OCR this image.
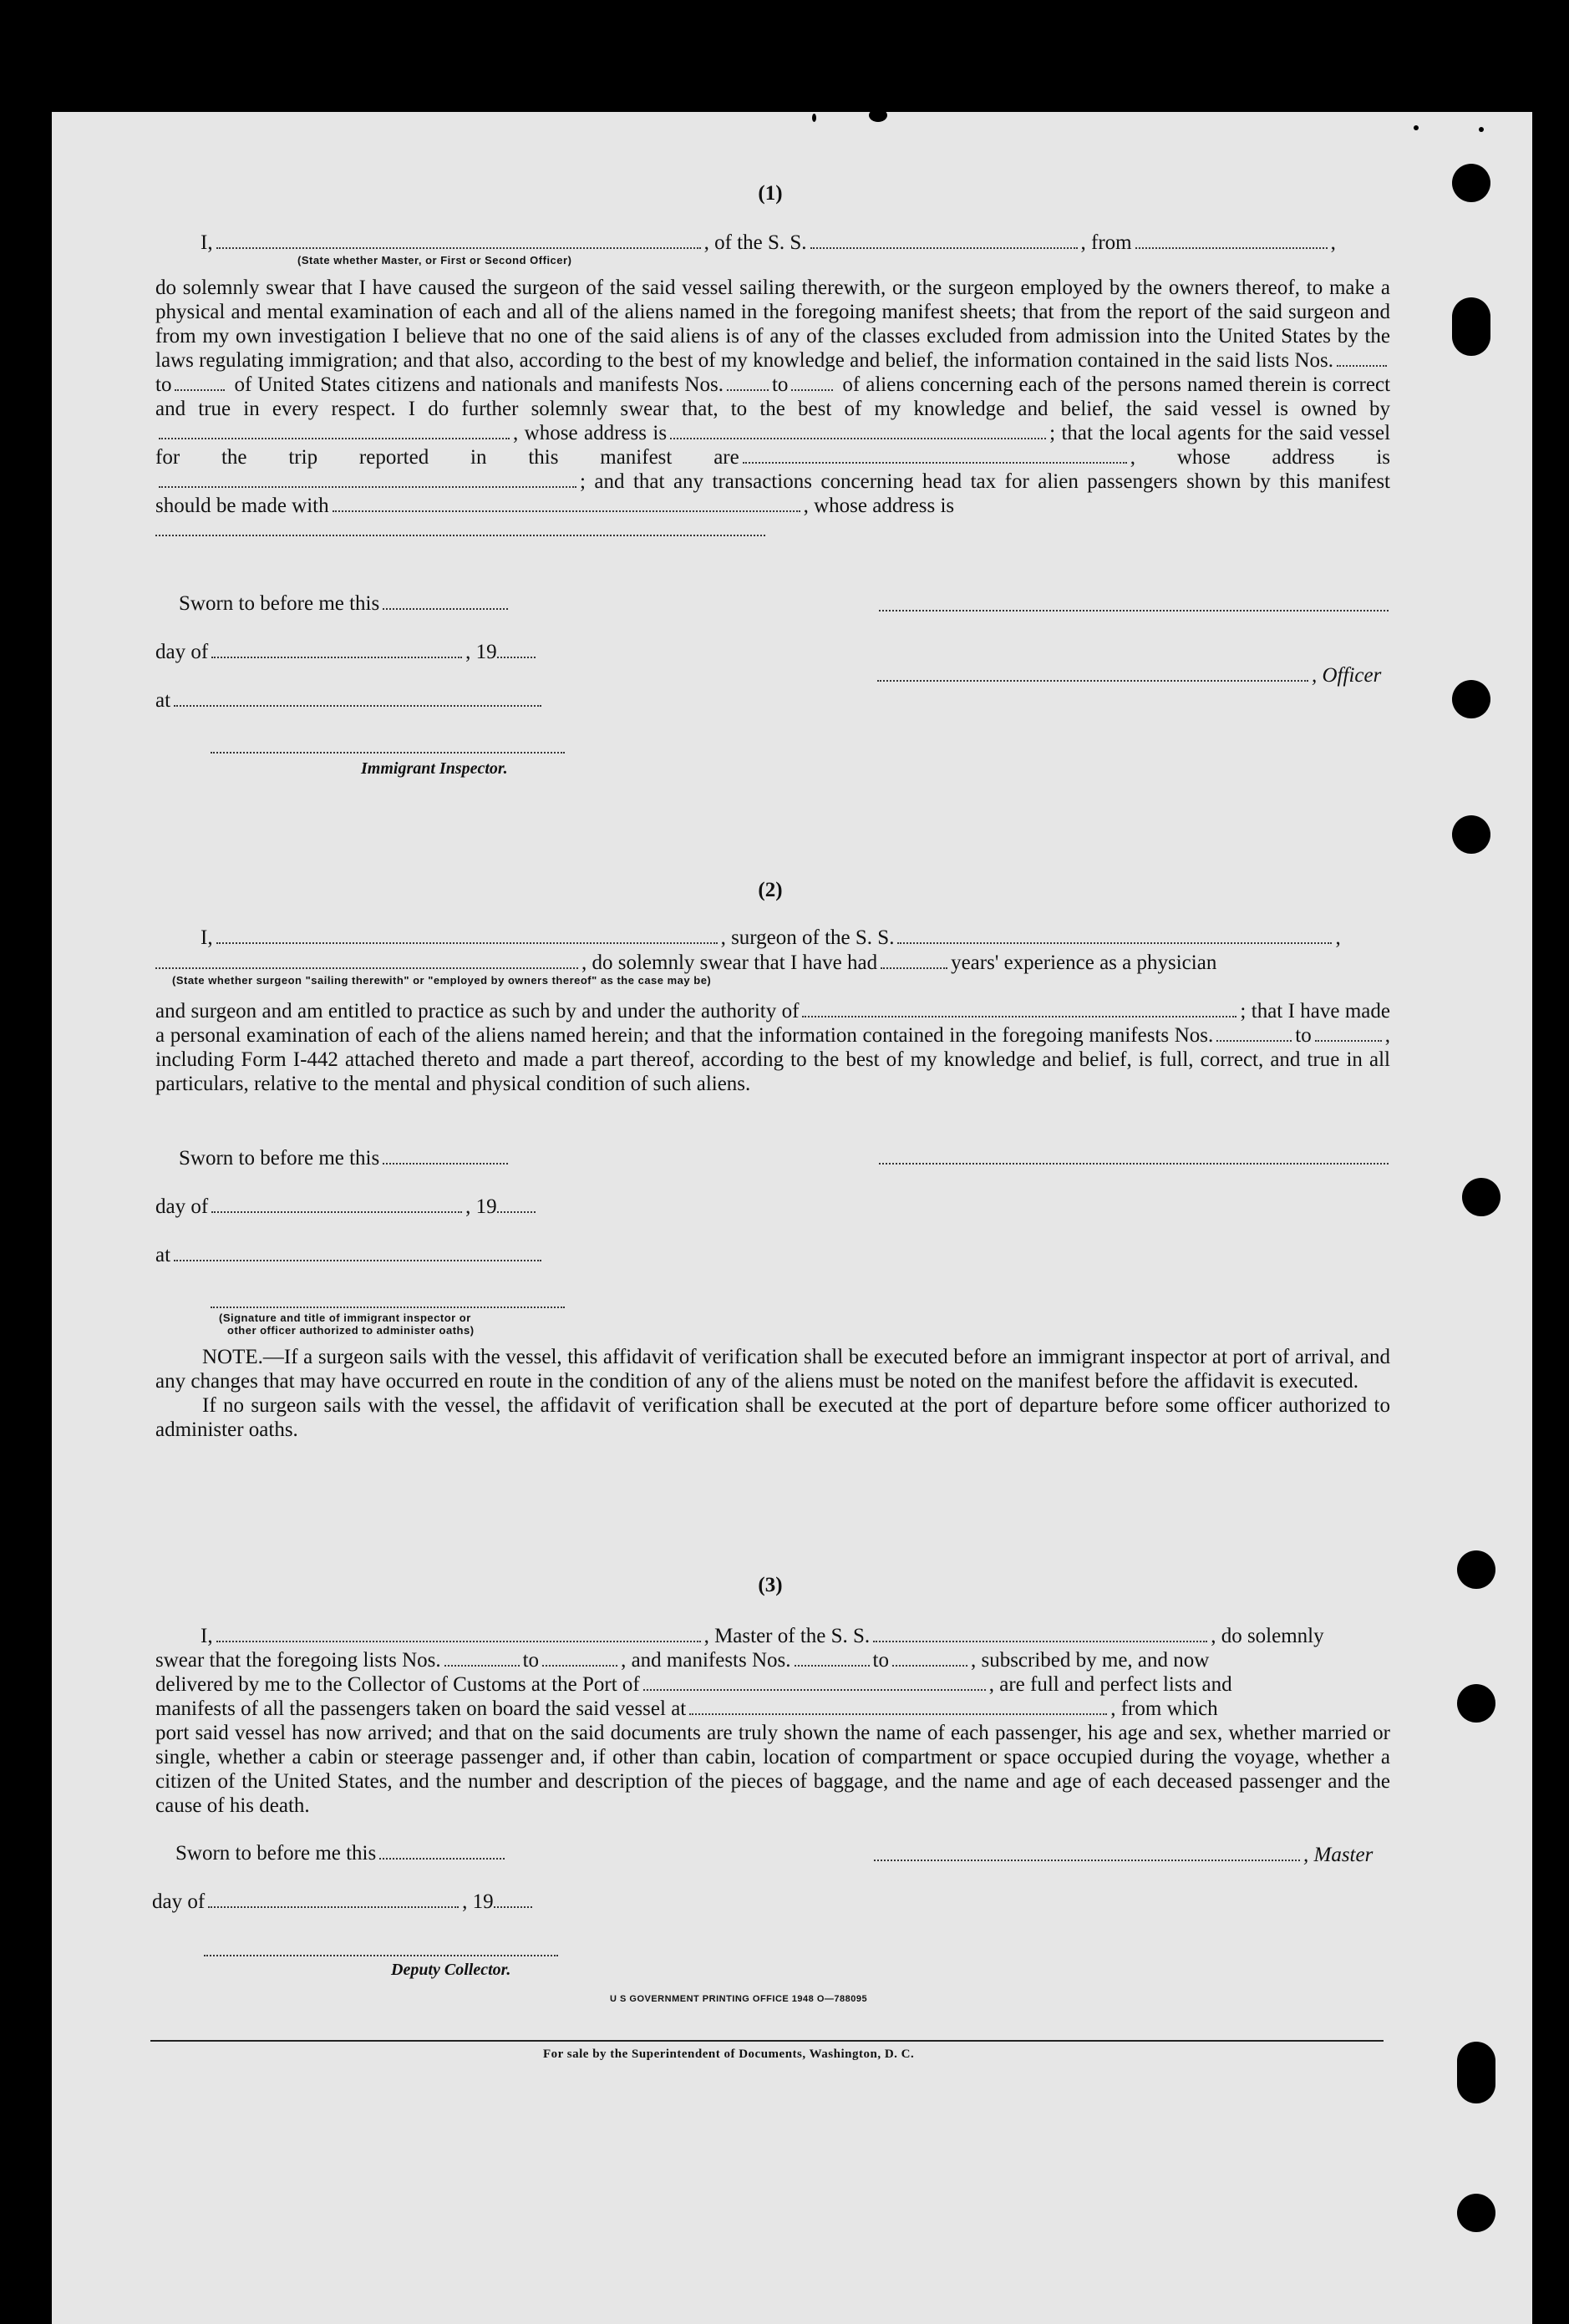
(1)
I,	, of the S. S.	, from	,
(State whether Master, or First or Second Officer)
do solemnly swear that I have caused the surgeon of the said vessel sailing therewith, or the surgeon employed by the owners thereof, to make a physical and mental examination of each and all of the aliens named in the foregoing manifest sheets; that from the report of the said surgeon and from my own investigation I believe that no one of the said aliens is of any of the classes excluded from admission into the United States by the laws regulating immigration; and that also, according to the best of my knowledge and belief, the information contained in the said lists Nos.to	of United States citizens and nationals and manifests Nos. to	of aliens concerning each of the persons named therein is correct and true in every respect. I do further solemnly swear that, to the best of my knowledge and belief, the said vessel is owned by, whose address is	; that the local agents for the said vessel for the trip reported in this manifest are	, whose address is; and that any transactions concerning head tax for alien passengers shown by this manifest should be made with	, whose address is

Sworn to before me this
day of	, 19
, Officer
at
Immigrant Inspector.
(2)
I,	, surgeon of the S. S.	,
, do solemnly swear that I have had	years' experience as a physician
(State whether surgeon "sailing therewith" or "employed by owners thereof" as the case may be)
and surgeon and am entitled to practice as such by and under the authority of	; that I have made a personal examination of each of the aliens named herein; and that the information contained in the foregoing manifests Nos.	to	, including Form I-442 attached thereto and made a part thereof, according to the best of my knowledge and belief, is full, correct, and true in all particulars, relative to the mental and physical condition of such aliens.
Sworn to before me this
day of	, 19
at
(Signature and title of immigrant inspector or
other officer authorized to administer oaths)
NOTE.—If a surgeon sails with the vessel, this affidavit of verification shall be executed before an immigrant inspector at port of arrival, and any changes that may have occurred en route in the condition of any of the aliens must be noted on the manifest before the affidavit is executed.
If no surgeon sails with the vessel, the affidavit of verification shall be executed at the port of departure before some officer authorized to administer oaths.
(3)
I,	, Master of the S. S.	, do solemnly
swear that the foregoing lists Nos.	to	, and manifests Nos.	to	, subscribed by me, and now
delivered by me to the Collector of Customs at the Port of	, are full and perfect lists and
manifests of all the passengers taken on board the said vessel at	, from which
port said vessel has now arrived; and that on the said documents are truly shown the name of each passenger, his age and sex, whether married or single, whether a cabin or steerage passenger and, if other than cabin, location of compartment or space occupied during the voyage, whether a citizen of the United States, and the number and description of the pieces of baggage, and the name and age of each deceased passenger and the cause of his death.
Sworn to before me this	, Master
day of	, 19
Deputy Collector.
U S GOVERNMENT PRINTING OFFICE 1948 O—788095
For sale by the Superintendent of Documents, Washington, D. C.
